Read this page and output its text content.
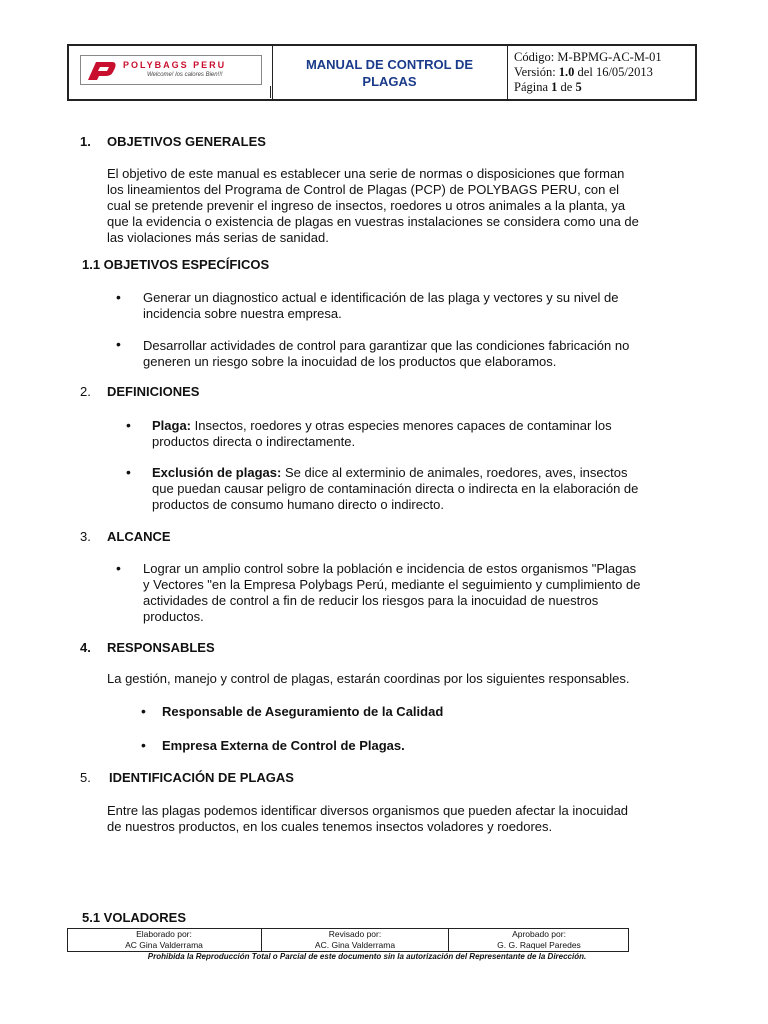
POLYBAGS PERU
Welcome! los calores Bien!!!
MANUAL DE CONTROL DE PLAGAS
Código: M-BPMG-AC-M-01
Versión: 1.0 del 16/05/2013
Página 1 de 5
1. OBJETIVOS GENERALES
El objetivo de este manual es establecer una serie de normas o disposiciones que forman
los lineamientos del Programa de Control de Plagas (PCP) de POLYBAGS PERU, con el
cual se pretende prevenir el ingreso de insectos, roedores u otros animales a la planta, ya
que la evidencia o existencia de plagas en vuestras instalaciones se considera como una de
las violaciones más serias de sanidad.
1.1 OBJETIVOS ESPECÍFICOS
• Generar un diagnostico actual e identificación de las plaga y vectores y su nivel de
incidencia sobre nuestra empresa.
• Desarrollar actividades de control para garantizar que las condiciones fabricación no
generen un riesgo sobre la inocuidad de los productos que elaboramos.
2. DEFINICIONES
• Plaga: Insectos, roedores y otras especies menores capaces de contaminar los
productos directa o indirectamente.
• Exclusión de plagas: Se dice al exterminio de animales, roedores, aves, insectos
que puedan causar peligro de contaminación directa o indirecta en la elaboración de
productos de consumo humano directo o indirecto.
3. ALCANCE
• Lograr un amplio control sobre la población e incidencia de estos organismos "Plagas
y Vectores "en la Empresa Polybags Perú, mediante el seguimiento y cumplimiento de
actividades de control a fin de reducir los riesgos para la inocuidad de nuestros
productos.
4. RESPONSABLES
La gestión, manejo y control de plagas, estarán coordinas por los siguientes responsables.
• Responsable de Aseguramiento de la Calidad
• Empresa Externa de Control de Plagas.
5. IDENTIFICACIÓN DE PLAGAS
Entre las plagas podemos identificar diversos organismos que pueden afectar la inocuidad
de nuestros productos, en los cuales tenemos insectos voladores y roedores.
5.1 VOLADORES
Elaborado por:
AC Gina Valderrama
Revisado por:
AC. Gina Valderrama
Aprobado por:
G. G. Raquel Paredes
Prohibida la Reproducción Total o Parcial de este documento sin la autorización del Representante de la Dirección.
